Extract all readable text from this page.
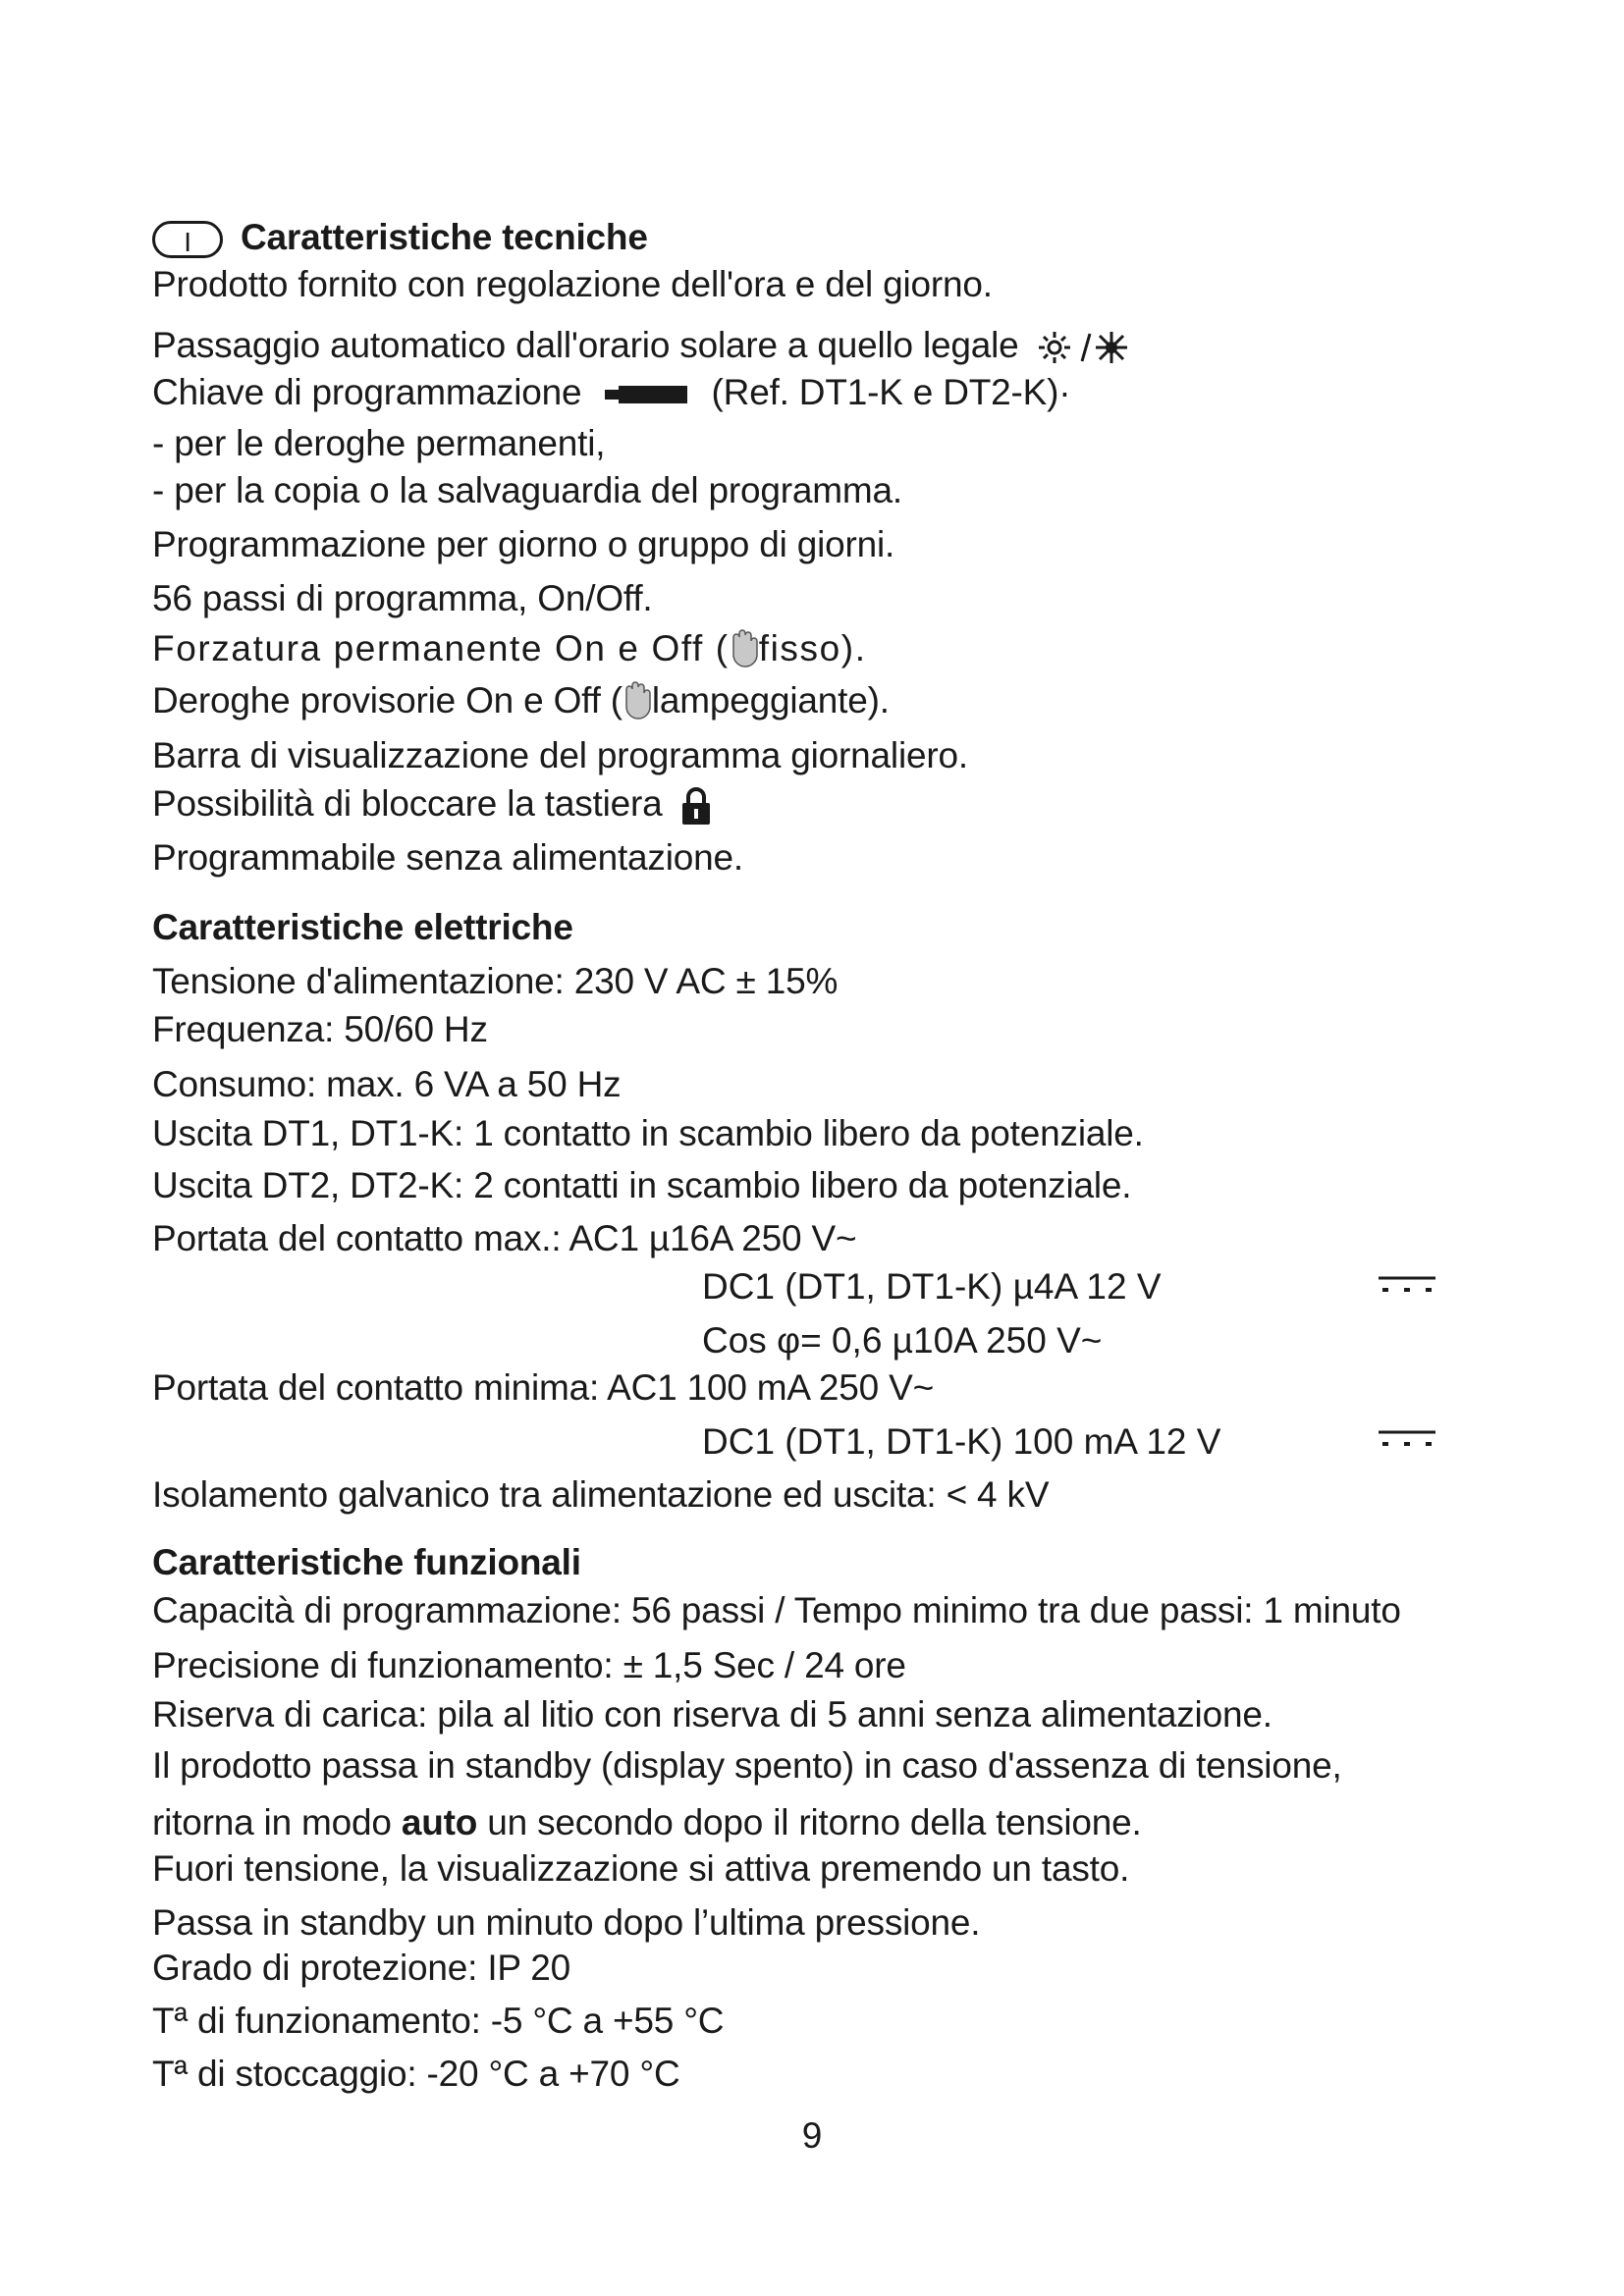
I Caratteristiche tecniche
Prodotto fornito con regolazione dell'ora e del giorno.
Passaggio automatico dall'orario solare a quello legale
Chiave di programmazione	(Ref. DT1-K e DT2-K)·
- per le deroghe permanenti,
- per la copia o la salvaguardia del programma.
Programmazione per giorno o gruppo di giorni.
56 passi di programma, On/Off.
Forzatura permanente On e Off ( fisso).
Deroghe provisorie On e Off ( lampeggiante).
Barra di visualizzazione del programma giornaliero.
Possibilità di bloccare la tastiera
Programmabile senza alimentazione.
Caratteristiche elettriche
Tensione d'alimentazione: 230 V AC ± 15%
Frequenza: 50/60 Hz
Consumo: max. 6 VA a 50 Hz
Uscita DT1, DT1-K: 1 contatto in scambio libero da potenziale.
Uscita DT2, DT2-K: 2 contatti in scambio libero da potenziale.
Portata del contatto max.: AC1 µ16A 250 V~
DC1 (DT1, DT1-K) µ4A 12 V
Cos φ= 0,6 µ10A 250 V~
Portata del contatto minima: AC1 100 mA 250 V~
DC1 (DT1, DT1-K) 100 mA 12 V
Isolamento galvanico tra alimentazione ed uscita: < 4 kV
Caratteristiche funzionali
Capacità di programmazione: 56 passi / Tempo minimo tra due passi: 1 minuto
Precisione di funzionamento: ± 1,5 Sec / 24 ore
Riserva di carica: pila al litio con riserva di 5 anni senza alimentazione.
Il prodotto passa in standby (display spento) in caso d'assenza di tensione,
ritorna in modo auto un secondo dopo il ritorno della tensione.
Fuori tensione, la visualizzazione si attiva premendo un tasto.
Passa in standby un minuto dopo l’ultima pressione.
Grado di protezione: IP 20
Tª di funzionamento: -5 °C a +55 °C
Tª di stoccaggio: -20 °C a +70 °C
9
